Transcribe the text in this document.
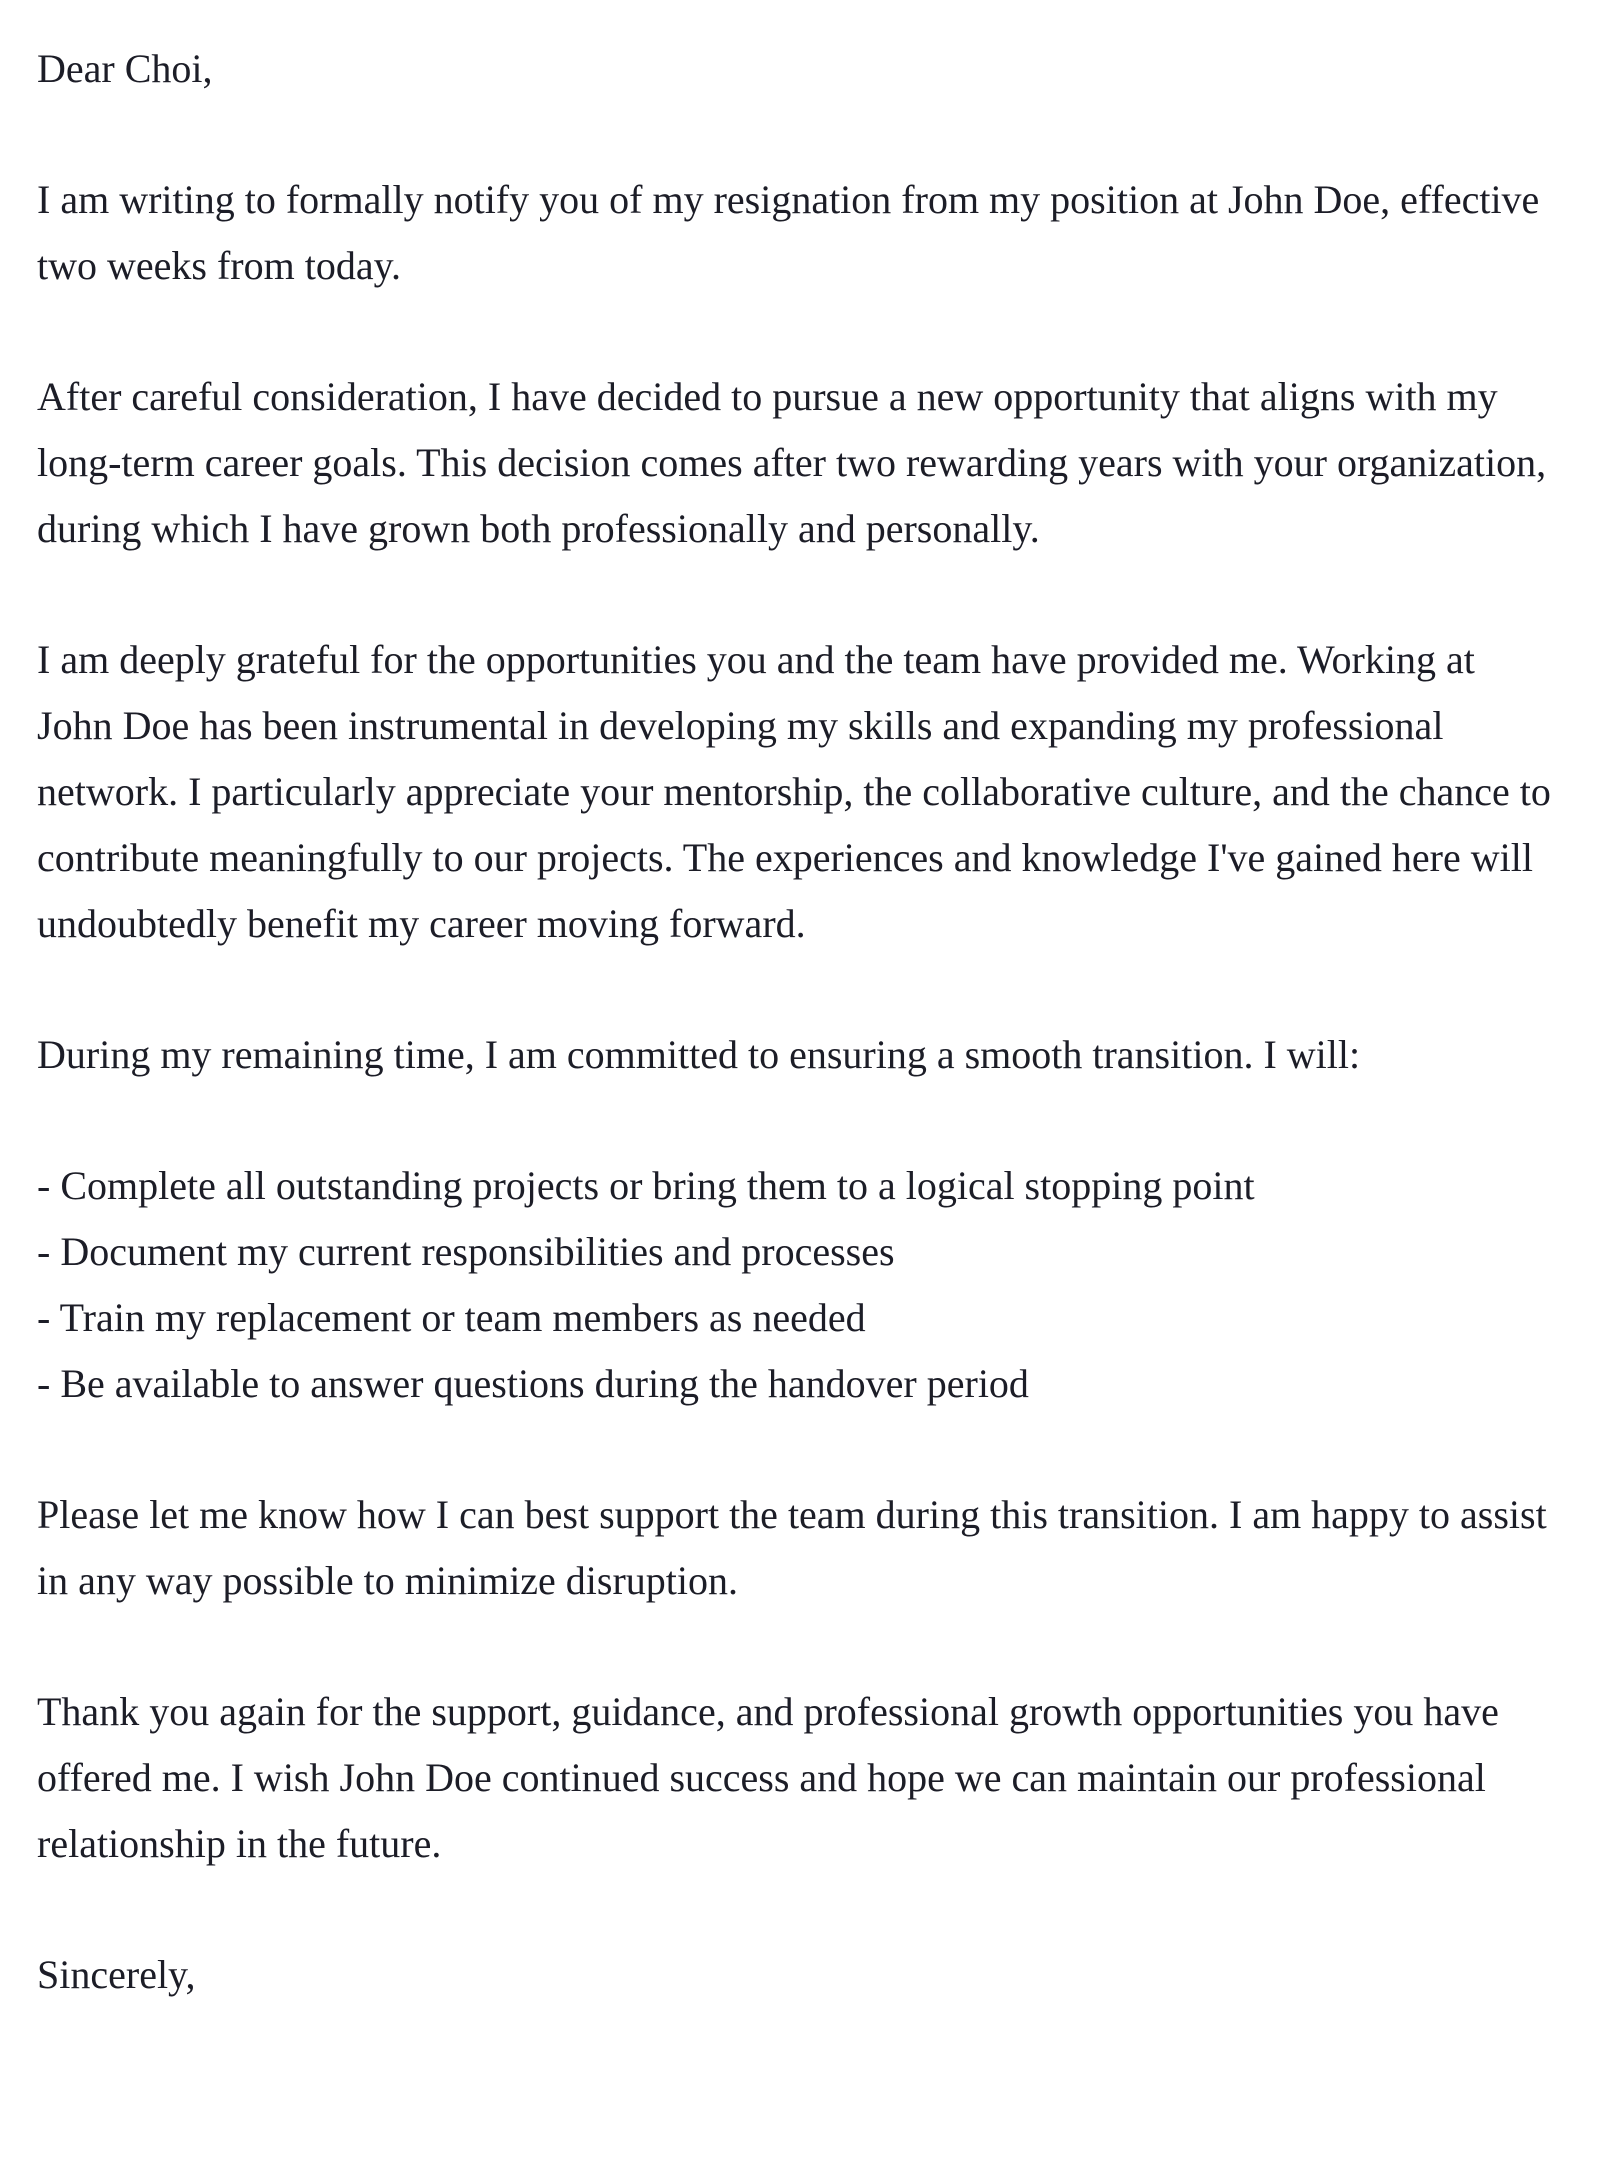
Dear Choi,

I am writing to formally notify you of my resignation from my position at John Doe, effective two weeks from today.

After careful consideration, I have decided to pursue a new opportunity that aligns with my long-term career goals. This decision comes after two rewarding years with your organization, during which I have grown both professionally and personally.

I am deeply grateful for the opportunities you and the team have provided me. Working at John Doe has been instrumental in developing my skills and expanding my professional network. I particularly appreciate your mentorship, the collaborative culture, and the chance to contribute meaningfully to our projects. The experiences and knowledge I've gained here will undoubtedly benefit my career moving forward.

During my remaining time, I am committed to ensuring a smooth transition. I will:

- Complete all outstanding projects or bring them to a logical stopping point
- Document my current responsibilities and processes
- Train my replacement or team members as needed
- Be available to answer questions during the handover period

Please let me know how I can best support the team during this transition. I am happy to assist in any way possible to minimize disruption.

Thank you again for the support, guidance, and professional growth opportunities you have offered me. I wish John Doe continued success and hope we can maintain our professional relationship in the future.

Sincerely,
